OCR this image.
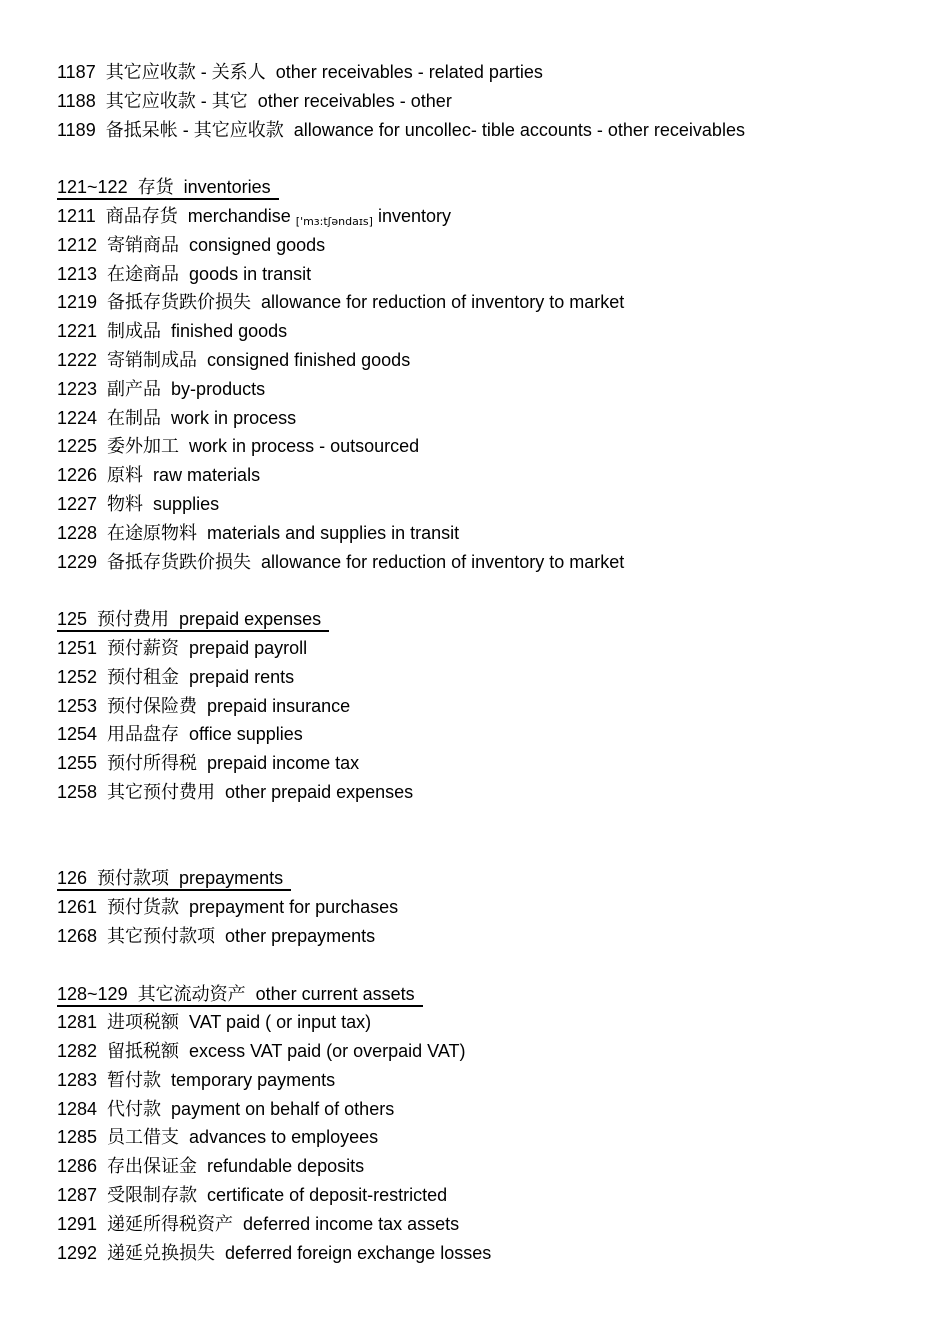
1187 其它应收款 - 关系人 other receivables - related parties
1188 其它应收款 - 其它 other receivables - other
1189 备抵呆帐 - 其它应收款 allowance for uncollec- tible accounts - other receivables
121~122 存货 inventories
1211 商品存货 merchandise ['mɜ:tʃəndaɪs] inventory
1212 寄销商品 consigned goods
1213 在途商品 goods in transit
1219 备抵存货跌价损失 allowance for reduction of inventory to market
1221 制成品 finished goods
1222 寄销制成品 consigned finished goods
1223 副产品 by-products
1224 在制品 work in process
1225 委外加工 work in process - outsourced
1226 原料 raw materials
1227 物料 supplies
1228 在途原物料 materials and supplies in transit
1229 备抵存货跌价损失 allowance for reduction of inventory to market
125 预付费用 prepaid expenses
1251 预付薪资 prepaid payroll
1252 预付租金 prepaid rents
1253 预付保险费 prepaid insurance
1254 用品盘存 office supplies
1255 预付所得税 prepaid income tax
1258 其它预付费用 other prepaid expenses
126 预付款项 prepayments
1261 预付货款 prepayment for purchases
1268 其它预付款项 other prepayments
128~129 其它流动资产 other current assets
1281 进项税额 VAT paid ( or input tax)
1282 留抵税额 excess VAT paid (or overpaid VAT)
1283 暂付款 temporary payments
1284 代付款 payment on behalf of others
1285 员工借支 advances to employees
1286 存出保证金 refundable deposits
1287 受限制存款 certificate of deposit-restricted
1291 递延所得税资产 deferred income tax assets
1292 递延兑换损失 deferred foreign exchange losses
